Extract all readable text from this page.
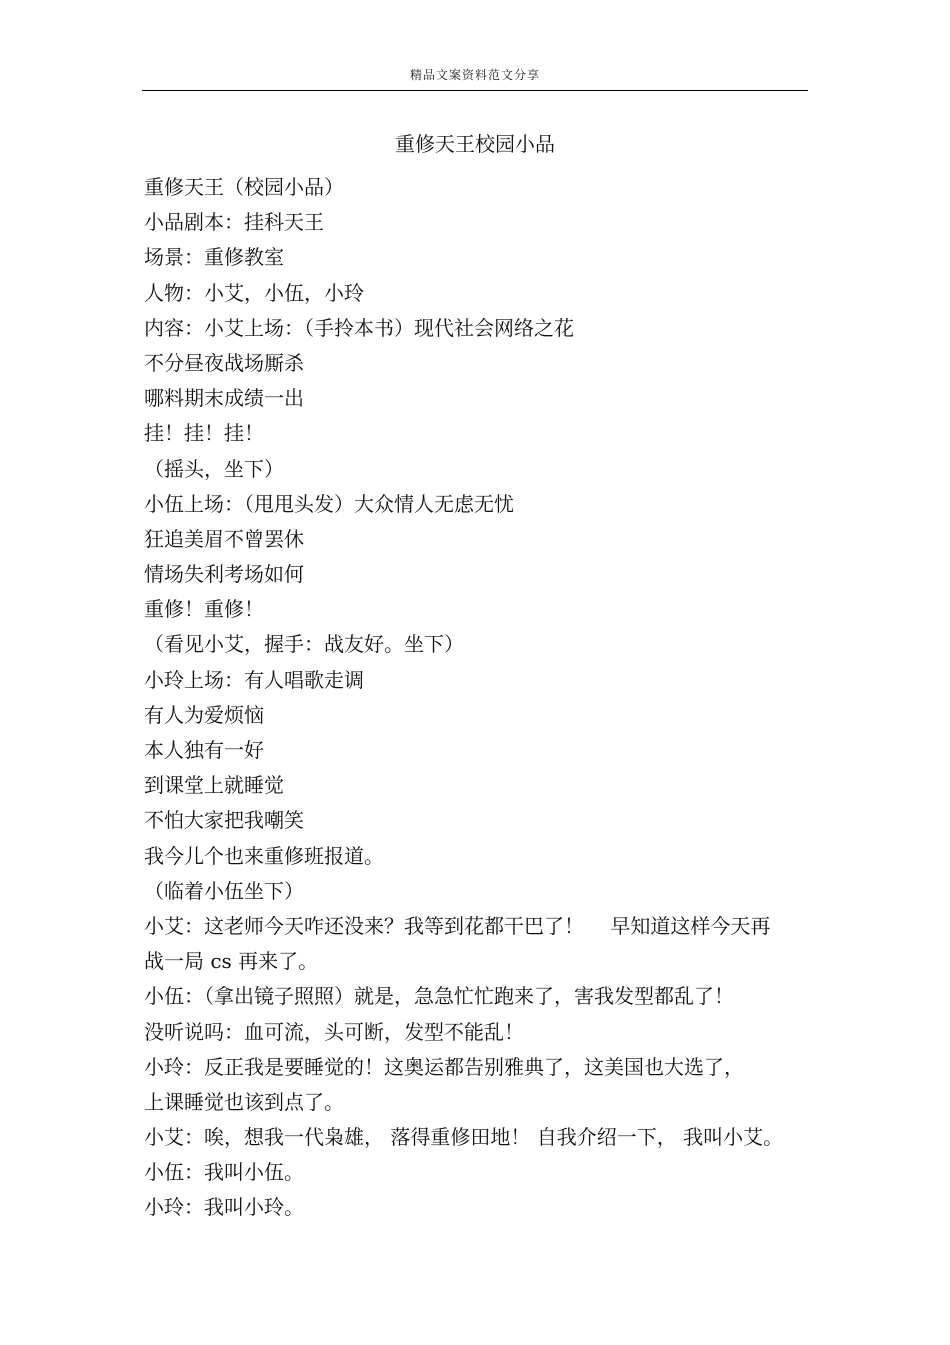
精品文案资料范文分享
重修天王校园小品
重修天王（校园小品）
小品剧本：挂科天王
场景：重修教室
人物：小艾，小伍，小玲
内容：小艾上场：（手拎本书）现代社会网络之花
不分昼夜战场厮杀
哪料期末成绩一出
挂！挂！挂！
（摇头，坐下）
小伍上场：（甩甩头发）大众情人无虑无忧
狂追美眉不曾罢休
情场失利考场如何
重修！重修！
（看见小艾，握手：战友好。坐下）
小玲上场：有人唱歌走调
有人为爱烦恼
本人独有一好
到课堂上就睡觉
不怕大家把我嘲笑
我今儿个也来重修班报道。
（临着小伍坐下）
小艾：这老师今天咋还没来？我等到花都干巴了！　 早知道这样今天再
战一局 cs 再来了。
小伍：（拿出镜子照照）就是，急急忙忙跑来了，害我发型都乱了！
没听说吗：血可流，头可断，发型不能乱！
小玲：反正我是要睡觉的！这奥运都告别雅典了，这美国也大选了，
上课睡觉也该到点了。
小艾：唉，想我一代枭雄， 落得重修田地！ 自我介绍一下， 我叫小艾。
小伍：我叫小伍。
小玲：我叫小玲。
